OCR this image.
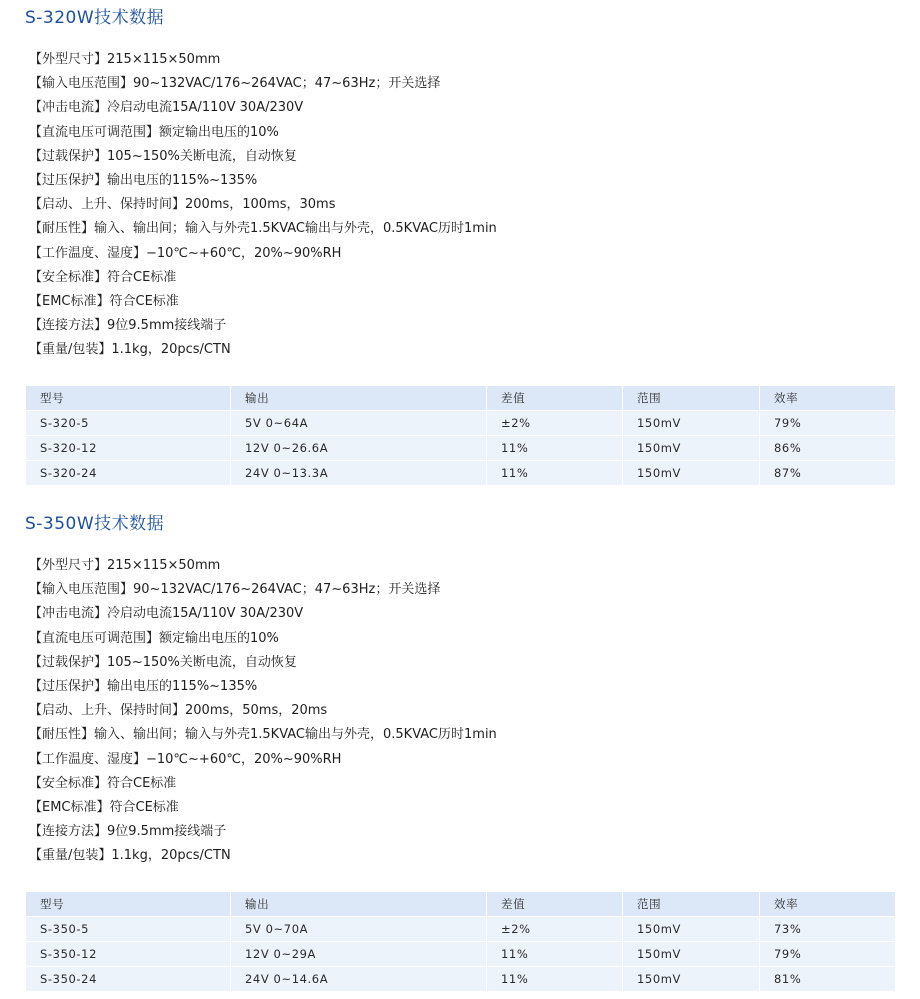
S-320W技术数据
【外型尺寸】215×115×50mm
【输入电压范围】90~132VAC/176~264VAC；47~63Hz；开关选择
【冲击电流】冷启动电流15A/110V 30A/230V
【直流电压可调范围】额定输出电压的10%
【过载保护】105~150%关断电流，自动恢复
【过压保护】输出电压的115%~135%
【启动、上升、保持时间】200ms，100ms，30ms
【耐压性】输入、输出间；输入与外壳1.5KVAC输出与外壳，0.5KVAC历时1min
【工作温度、湿度】−10℃~+60℃，20%~90%RH
【安全标准】符合CE标准
【EMC标准】符合CE标准
【连接方法】9位9.5mm接线端子
【重量/包装】1.1kg，20pcs/CTN
型号	输出	差值	范围	效率
S-320-5	5V 0~64A	±2%	150mV	79%
S-320-12	12V 0~26.6A	11%	150mV	86%
S-320-24	24V 0~13.3A	11%	150mV	87%
S-350W技术数据
【外型尺寸】215×115×50mm
【输入电压范围】90~132VAC/176~264VAC；47~63Hz；开关选择
【冲击电流】冷启动电流15A/110V 30A/230V
【直流电压可调范围】额定输出电压的10%
【过载保护】105~150%关断电流，自动恢复
【过压保护】输出电压的115%~135%
【启动、上升、保持时间】200ms，50ms，20ms
【耐压性】输入、输出间；输入与外壳1.5KVAC输出与外壳，0.5KVAC历时1min
【工作温度、湿度】−10℃~+60℃，20%~90%RH
【安全标准】符合CE标准
【EMC标准】符合CE标准
【连接方法】9位9.5mm接线端子
【重量/包装】1.1kg，20pcs/CTN
型号	输出	差值	范围	效率
S-350-5	5V 0~70A	±2%	150mV	73%
S-350-12	12V 0~29A	11%	150mV	79%
S-350-24	24V 0~14.6A	11%	150mV	81%
